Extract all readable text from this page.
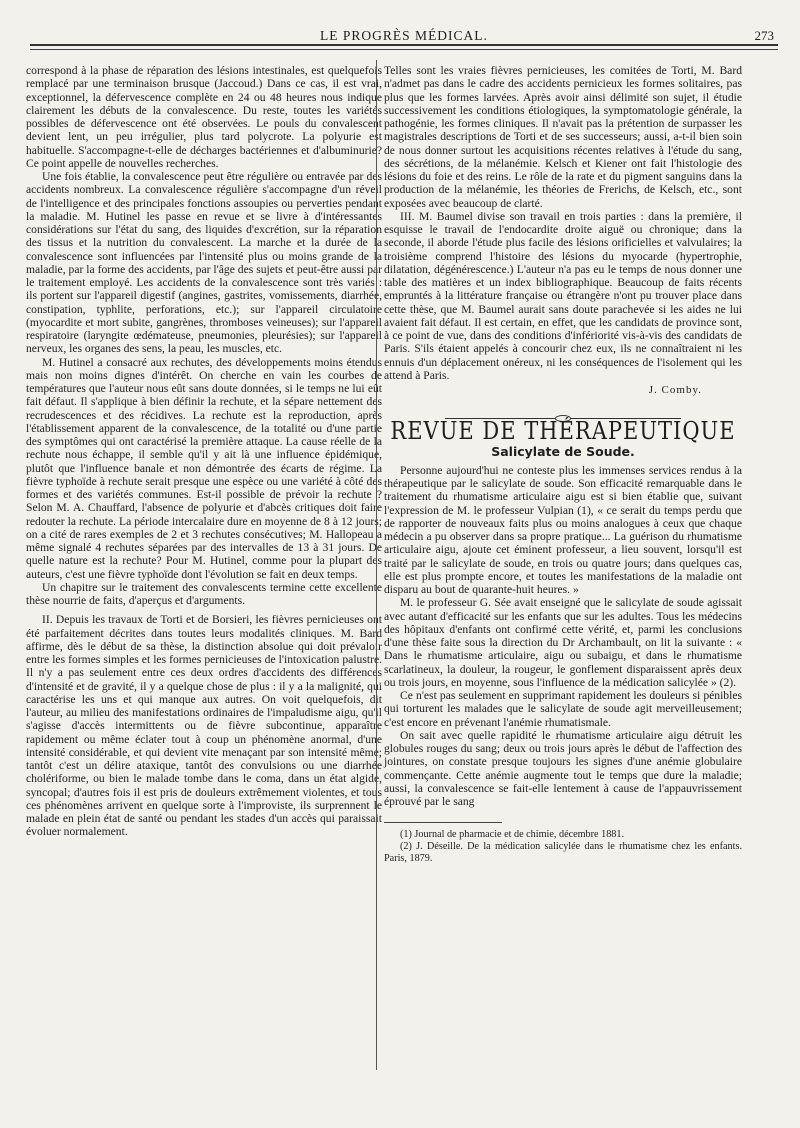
LE PROGRÈS MÉDICAL.	273

correspond à la phase de réparation des lésions intestinales, est quelquefois remplacé par une terminaison brusque (Jaccoud.) Dans ce cas, il est vrai, exceptionnel, la défervescence complète en 24 ou 48 heures nous indique clairement les débuts de la convalescence. Du reste, toutes les variétés possibles de défervescence ont été observées. Le pouls du convalescent devient lent, un peu irrégulier, plus tard polycrote. La polyurie est habituelle. S'accompagne-t-elle de décharges bactériennes et d'albuminurie? Ce point appelle de nouvelles recherches.

Une fois établie, la convalescence peut être régulière ou entravée par des accidents nombreux. La convalescence régulière s'accompagne d'un réveil de l'intelligence et des principales fonctions assoupies ou perverties pendant la maladie. M. Hutinel les passe en revue et se livre à d'intéressantes considérations sur l'état du sang, des liquides d'excrétion, sur la réparation des tissus et la nutrition du convalescent. La marche et la durée de la convalescence sont influencées par l'intensité plus ou moins grande de la maladie, par la forme des accidents, par l'âge des sujets et peut-être aussi par le traitement employé. Les accidents de la convalescence sont très variés : ils portent sur l'appareil digestif (angines, gastrites, vomissements, diarrhée, constipation, typhlite, perforations, etc.); sur l'appareil circulatoire (myocardite et mort subite, gangrènes, thromboses veineuses); sur l'appareil respiratoire (laryngite œdémateuse, pneumonies, pleurésies); sur l'appareil nerveux, les organes des sens, la peau, les muscles, etc.

M. Hutinel a consacré aux rechutes, des développements moins étendus mais non moins dignes d'intérêt. On cherche en vain les courbes de températures que l'auteur nous eût sans doute données, si le temps ne lui eût fait défaut. Il s'applique à bien définir la rechute, et la sépare nettement des recrudescences et des récidives. La rechute est la reproduction, après l'établissement apparent de la convalescence, de la totalité ou d'une partie des symptômes qui ont caractérisé la première attaque. La cause réelle de la rechute nous échappe, il semble qu'il y ait là une influence épidémique, plutôt que l'influence banale et non démontrée des écarts de régime. La fièvre typhoïde à rechute serait presque une espèce ou une variété à côté des formes et des variétés communes. Est-il possible de prévoir la rechute ? Selon M. A. Chauffard, l'absence de polyurie et d'abcès critiques doit faire redouter la rechute. La période intercalaire dure en moyenne de 8 à 12 jours; on a cité de rares exemples de 2 et 3 rechutes consécutives; M. Hallopeau a même signalé 4 rechutes séparées par des intervalles de 13 à 31 jours. De quelle nature est la rechute? Pour M. Hutinel, comme pour la plupart des auteurs, c'est une fièvre typhoïde dont l'évolution se fait en deux temps.

Un chapitre sur le traitement des convalescents termine cette excellente thèse nourrie de faits, d'aperçus et d'arguments.

II. Depuis les travaux de Torti et de Borsieri, les fièvres pernicieuses ont été parfaitement décrites dans toutes leurs modalités cliniques. M. Bard affirme, dès le début de sa thèse, la distinction absolue qui doit prévaloir entre les formes simples et les formes pernicieuses de l'intoxication palustre. Il n'y a pas seulement entre ces deux ordres d'accidents des différences d'intensité et de gravité, il y a quelque chose de plus : il y a la malignité, qui caractérise les uns et qui manque aux autres. On voit quelquefois, dit l'auteur, au milieu des manifestations ordinaires de l'impaludisme aigu, qu'il s'agisse d'accès intermittents ou de fièvre subcontinue, apparaître rapidement ou même éclater tout à coup un phénomène anormal, d'une intensité considérable, et qui devient vite menaçant par son intensité même; tantôt c'est un délire ataxique, tantôt des convulsions ou une diarrhée cholériforme, ou bien le malade tombe dans le coma, dans un état algide, syncopal; d'autres fois il est pris de douleurs extrêmement violentes, et tous ces phénomènes arrivent en quelque sorte à l'improviste, ils surprennent le malade en plein état de santé ou pendant les stades d'un accès qui paraissait évoluer normalement.

Telles sont les vraies fièvres pernicieuses, les comitées de Torti, M. Bard n'admet pas dans le cadre des accidents pernicieux les formes solitaires, pas plus que les formes larvées. Après avoir ainsi délimité son sujet, il étudie successivement les conditions étiologiques, la symptomatologie générale, la pathogénie, les formes cliniques. Il n'avait pas la prétention de surpasser les magistrales descriptions de Torti et de ses successeurs; aussi, a-t-il bien soin de nous donner surtout les acquisitions récentes relatives à l'étude du sang, des sécrétions, de la mélanémie. Kelsch et Kiener ont fait l'histologie des lésions du foie et des reins. Le rôle de la rate et du pigment sanguins dans la production de la mélanémie, les théories de Frerichs, de Kelsch, etc., sont exposées avec beaucoup de clarté.

III. M. Baumel divise son travail en trois parties : dans la première, il esquisse le travail de l'endocardite droite aiguë ou chronique; dans la seconde, il aborde l'étude plus facile des lésions orificielles et valvulaires; la troisième comprend l'histoire des lésions du myocarde (hypertrophie, dilatation, dégénérescence.) L'auteur n'a pas eu le temps de nous donner une table des matières et un index bibliographique. Beaucoup de faits récents empruntés à la littérature française ou étrangère n'ont pu trouver place dans cette thèse, que M. Baumel aurait sans doute parachevée si les aides ne lui avaient fait défaut. Il est certain, en effet, que les candidats de province sont, à ce point de vue, dans des conditions d'infériorité vis-à-vis des candidats de Paris. S'ils étaient appelés à concourir chez eux, ils ne connaîtraient ni les ennuis d'un déplacement onéreux, ni les conséquences de l'isolement qui les attend à Paris.

J. Comby.
REVUE DE THÉRAPEUTIQUE
Salicylate de Soude.

Personne aujourd'hui ne conteste plus les immenses services rendus à la thérapeutique par le salicylate de soude. Son efficacité remarquable dans le traitement du rhumatisme articulaire aigu est si bien établie que, suivant l'expression de M. le professeur Vulpian (1), « ce serait du temps perdu que de rapporter de nouveaux faits plus ou moins analogues à ceux que chaque médecin a pu observer dans sa propre pratique... La guérison du rhumatisme articulaire aigu, ajoute cet éminent professeur, a lieu souvent, lorsqu'il est traité par le salicylate de soude, en trois ou quatre jours; dans quelques cas, elle est plus prompte encore, et toutes les manifestations de la maladie ont disparu au bout de quarante-huit heures. »

M. le professeur G. Sée avait enseigné que le salicylate de soude agissait avec autant d'efficacité sur les enfants que sur les adultes. Tous les médecins des hôpitaux d'enfants ont confirmé cette vérité, et, parmi les conclusions d'une thèse faite sous la direction du Dr Archambault, on lit la suivante : « Dans le rhumatisme articulaire, aigu ou subaigu, et dans le rhumatisme scarlatineux, la douleur, la rougeur, le gonflement disparaissent après deux ou trois jours, en moyenne, sous l'influence de la médication salicylée » (2).

Ce n'est pas seulement en supprimant rapidement les douleurs si pénibles qui torturent les malades que le salicylate de soude agit merveilleusement; c'est encore en prévenant l'anémie rhumatismale.

On sait avec quelle rapidité le rhumatisme articulaire aigu détruit les globules rouges du sang; deux ou trois jours après le début de l'affection des jointures, on constate presque toujours les signes d'une anémie globulaire commençante. Cette anémie augmente tout le temps que dure la maladie; aussi, la convalescence se fait-elle lentement à cause de l'appauvrissement éprouvé par le sang

(1) Journal de pharmacie et de chimie, décembre 1881.

(2) J. Déseille. De la médication salicylée dans le rhumatisme chez les enfants. Paris, 1879.
